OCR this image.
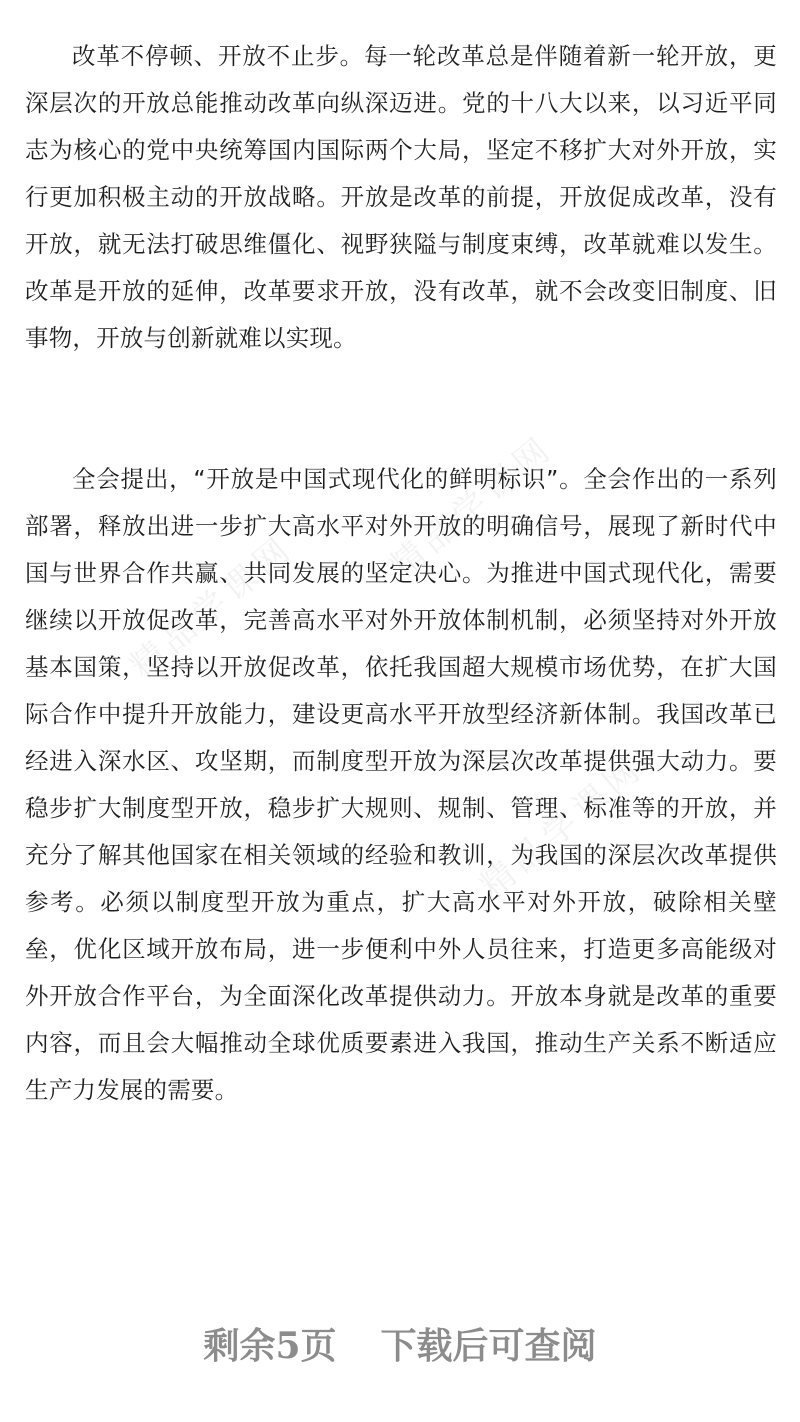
精品学课网
精品学课网
精品学课网

改革不停顿、开放不止步。每一轮改革总是伴随着新一轮开放，更深层次的开放总能推动改革向纵深迈进。党的十八大以来，以习近平同志为核心的党中央统筹国内国际两个大局，坚定不移扩大对外开放，实行更加积极主动的开放战略。开放是改革的前提，开放促成改革，没有开放，就无法打破思维僵化、视野狭隘与制度束缚，改革就难以发生。改革是开放的延伸，改革要求开放，没有改革，就不会改变旧制度、旧事物，开放与创新就难以实现。

全会提出，“开放是中国式现代化的鲜明标识”。全会作出的一系列部署，释放出进一步扩大高水平对外开放的明确信号，展现了新时代中国与世界合作共赢、共同发展的坚定决心。为推进中国式现代化，需要继续以开放促改革，完善高水平对外开放体制机制，必须坚持对外开放基本国策，坚持以开放促改革，依托我国超大规模市场优势，在扩大国际合作中提升开放能力，建设更高水平开放型经济新体制。我国改革已经进入深水区、攻坚期，而制度型开放为深层次改革提供强大动力。要稳步扩大制度型开放，稳步扩大规则、规制、管理、标准等的开放，并充分了解其他国家在相关领域的经验和教训，为我国的深层次改革提供参考。必须以制度型开放为重点，扩大高水平对外开放，破除相关壁垒，优化区域开放布局，进一步便利中外人员往来，打造更多高能级对外开放合作平台，为全面深化改革提供动力。开放本身就是改革的重要内容，而且会大幅推动全球优质要素进入我国，推动生产关系不断适应生产力发展的需要。

剩余5页 下载后可查阅
